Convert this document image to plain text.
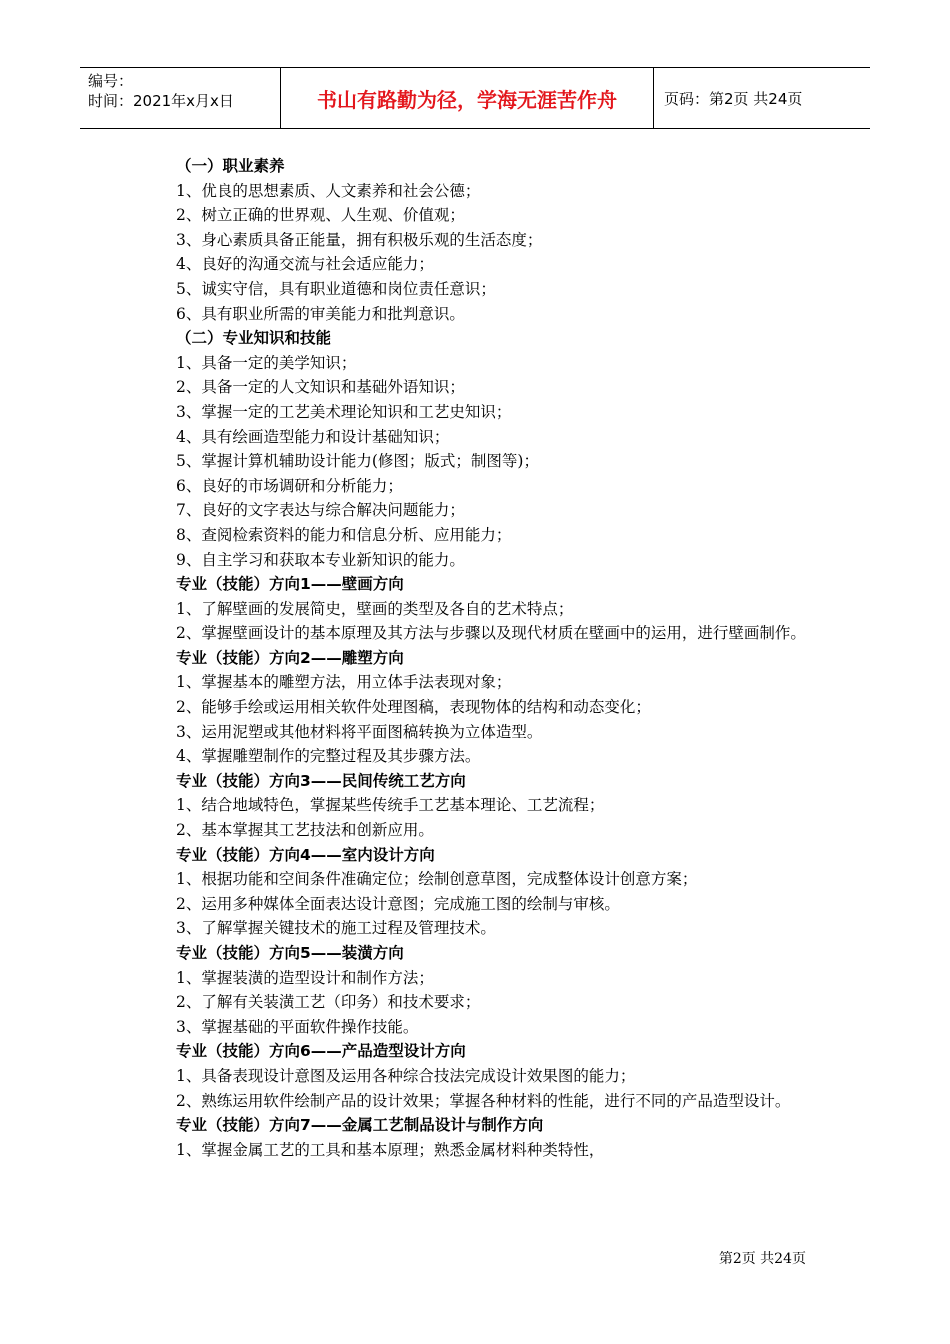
编号：
时间：2021年x月x日	书山有路勤为径，学海无涯苦作舟	页码：第2页 共24页

（一）职业素养

1、优良的思想素质、人文素养和社会公德；

2、树立正确的世界观、人生观、价值观；

3、身心素质具备正能量，拥有积极乐观的生活态度；

4、良好的沟通交流与社会适应能力；

5、诚实守信，具有职业道德和岗位责任意识；

6、具有职业所需的审美能力和批判意识。

（二）专业知识和技能

1、具备一定的美学知识；

2、具备一定的人文知识和基础外语知识；

3、掌握一定的工艺美术理论知识和工艺史知识；

4、具有绘画造型能力和设计基础知识；

5、掌握计算机辅助设计能力(修图；版式；制图等)；

6、良好的市场调研和分析能力；

7、良好的文字表达与综合解决问题能力；

8、查阅检索资料的能力和信息分析、应用能力；

9、自主学习和获取本专业新知识的能力。

专业（技能）方向1——壁画方向

1、了解壁画的发展简史，壁画的类型及各自的艺术特点；

2、掌握壁画设计的基本原理及其方法与步骤以及现代材质在壁画中的运用，进行壁画制作。

专业（技能）方向2——雕塑方向

1、掌握基本的雕塑方法，用立体手法表现对象；

2、能够手绘或运用相关软件处理图稿，表现物体的结构和动态变化；

3、运用泥塑或其他材料将平面图稿转换为立体造型。

4、掌握雕塑制作的完整过程及其步骤方法。

专业（技能）方向3——民间传统工艺方向

1、结合地域特色，掌握某些传统手工艺基本理论、工艺流程；

2、基本掌握其工艺技法和创新应用。

专业（技能）方向4——室内设计方向

1、根据功能和空间条件准确定位；绘制创意草图，完成整体设计创意方案；

2、运用多种媒体全面表达设计意图；完成施工图的绘制与审核。

3、了解掌握关键技术的施工过程及管理技术。

专业（技能）方向5——装潢方向

1、掌握装潢的造型设计和制作方法；

2、了解有关装潢工艺（印务）和技术要求；

3、掌握基础的平面软件操作技能。

专业（技能）方向6——产品造型设计方向

1、具备表现设计意图及运用各种综合技法完成设计效果图的能力；

2、熟练运用软件绘制产品的设计效果；掌握各种材料的性能，进行不同的产品造型设计。

专业（技能）方向7——金属工艺制品设计与制作方向

1、掌握金属工艺的工具和基本原理；熟悉金属材料种类特性，

第2页 共24页
